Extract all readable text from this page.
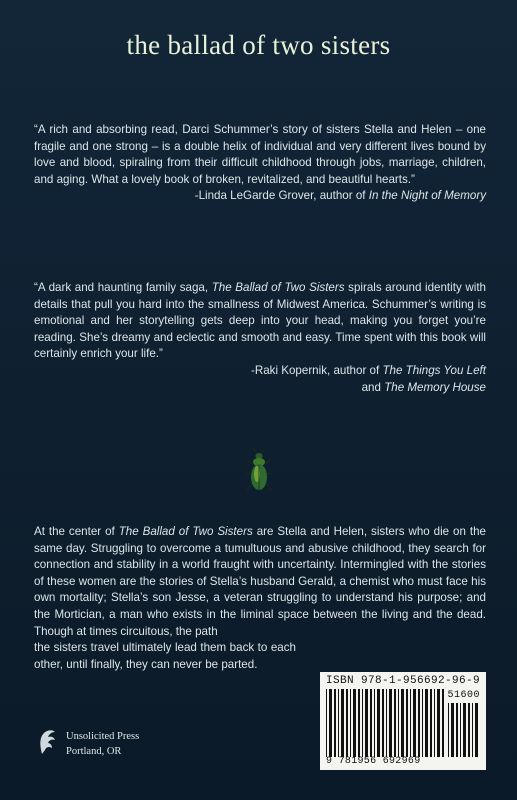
the ballad of two sisters
“A rich and absorbing read, Darci Schummer’s story of sisters Stella and Helen – one fragile and one strong – is a double helix of individual and very different lives bound by love and blood, spiraling from their difficult childhood through jobs, marriage, children, and aging. What a lovely book of broken, revitalized, and beautiful hearts.”
-Linda LeGarde Grover, author of In the Night of Memory
“A dark and haunting family saga, The Ballad of Two Sisters spirals around identity with details that pull you hard into the smallness of Midwest America. Schummer’s writing is emotional and her storytelling gets deep into your head, making you forget you’re reading. She’s dreamy and eclectic and smooth and easy. Time spent with this book will certainly enrich your life.”
-Raki Kopernik, author of The Things You Left
and The Memory House
At the center of The Ballad of Two Sisters are Stella and Helen, sisters who die on the same day. Struggling to overcome a tumultuous and abusive childhood, they search for connection and stability in a world fraught with uncertainty. Intermingled with the stories of these women are the stories of Stella’s husband Gerald, a chemist who must face his own mortality; Stella’s son Jesse, a veteran struggling to understand his purpose; and the Mortician, a man who exists in the liminal space between the living and the dead. Though at times circuitous, the path
the sisters travel ultimately lead them back to each other, until finally, they can never be parted.
Unsolicited Press
Portland, OR
ISBN 978-1-956692-96-9
51600
9 781956 692969
